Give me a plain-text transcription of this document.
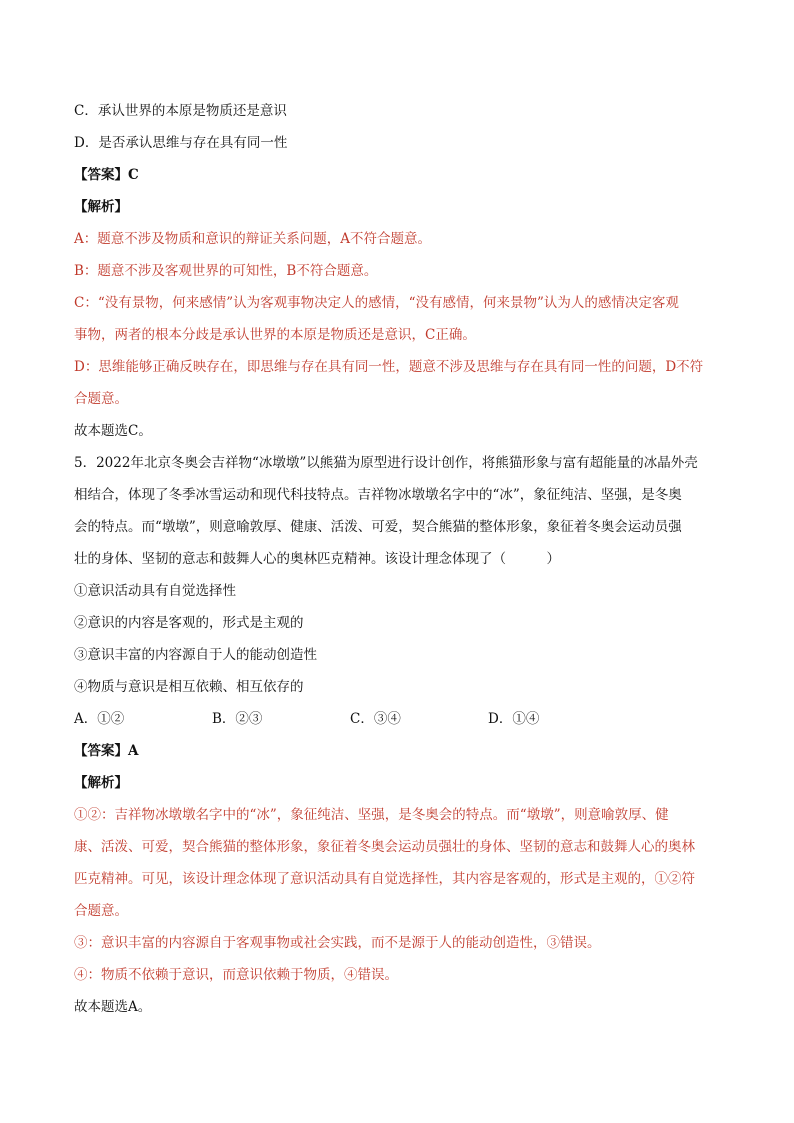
C．承认世界的本原是物质还是意识

D．是否承认思维与存在具有同一性

【答案】C

【解析】

A：题意不涉及物质和意识的辩证关系问题，A不符合题意。

B：题意不涉及客观世界的可知性，B不符合题意。

C：“没有景物，何来感情”认为客观事物决定人的感情，“没有感情，何来景物”认为人的感情决定客观

事物，两者的根本分歧是承认世界的本原是物质还是意识，C正确。

D：思维能够正确反映存在，即思维与存在具有同一性，题意不涉及思维与存在具有同一性的问题，D不符

合题意。

故本题选C。

5．2022年北京冬奥会吉祥物“冰墩墩”以熊猫为原型进行设计创作，将熊猫形象与富有超能量的冰晶外壳

相结合，体现了冬季冰雪运动和现代科技特点。吉祥物冰墩墩名字中的“冰”，象征纯洁、坚强，是冬奥

会的特点。而“墩墩”，则意喻敦厚、健康、活泼、可爱，契合熊猫的整体形象，象征着冬奥会运动员强

壮的身体、坚韧的意志和鼓舞人心的奥林匹克精神。该设计理念体现了（　　　）

①意识活动具有自觉选择性

②意识的内容是客观的，形式是主观的

③意识丰富的内容源自于人的能动创造性

④物质与意识是相互依赖、相互依存的

A．①②	B．②③	C．③④	D．①④

【答案】A

【解析】

①②：吉祥物冰墩墩名字中的“冰”，象征纯洁、坚强，是冬奥会的特点。而“墩墩”，则意喻敦厚、健

康、活泼、可爱，契合熊猫的整体形象，象征着冬奥会运动员强壮的身体、坚韧的意志和鼓舞人心的奥林

匹克精神。可见，该设计理念体现了意识活动具有自觉选择性，其内容是客观的，形式是主观的，①②符

合题意。

③：意识丰富的内容源自于客观事物或社会实践，而不是源于人的能动创造性，③错误。

④：物质不依赖于意识，而意识依赖于物质，④错误。

故本题选A。
